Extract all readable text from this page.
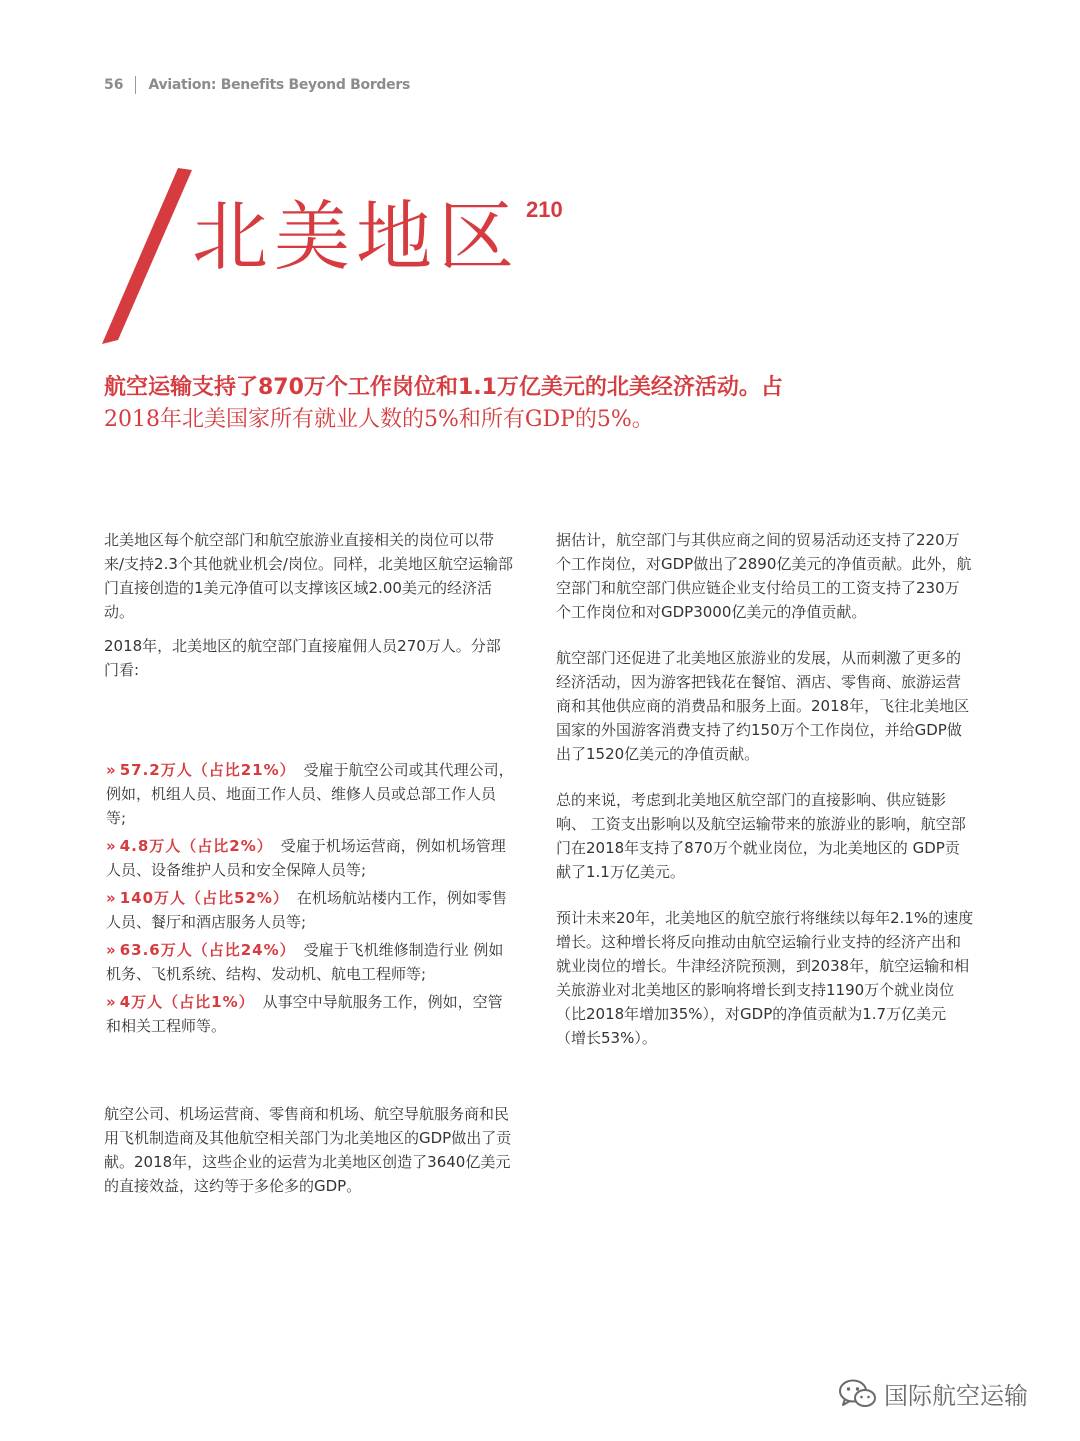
56 Aviation: Benefits Beyond Borders
北美地区 $^{210}$
航空运输支持了870万个工作岗位和1.1万亿美元的北美经济活动。占
2018年北美国家所有就业人数的5%和所有GDP的5%。

北美地区每个航空部门和航空旅游业直接相关的岗位可以带来/支持2.3个其他就业机会/岗位。同样，北美地区航空运输部门直接创造的1美元净值可以支撑该区域2.00美元的经济活动。

2018年，北美地区的航空部门直接雇佣人员270万人。分部门看:

» 57.2万人（占比21%） 受雇于航空公司或其代理公司，例如，机组人员、地面工作人员、维修人员或总部工作人员等;
» 4.8万人（占比2%） 受雇于机场运营商，例如机场管理人员、设备维护人员和安全保障人员等;
» 140万人（占比52%） 在机场航站楼内工作，例如零售人员、餐厅和酒店服务人员等;
» 63.6万人（占比24%） 受雇于飞机维修制造行业 例如机务、飞机系统、结构、发动机、航电工程师等;
» 4万人（占比1%） 从事空中导航服务工作，例如，空管和相关工程师等。

航空公司、机场运营商、零售商和机场、航空导航服务商和民用飞机制造商及其他航空相关部门为北美地区的GDP做出了贡献。2018年，这些企业的运营为北美地区创造了3640亿美元的直接效益，这约等于多伦多的GDP。

据估计，航空部门与其供应商之间的贸易活动还支持了220万个工作岗位，对GDP做出了2890亿美元的净值贡献。此外，航空部门和航空部门供应链企业支付给员工的工资支持了230万个工作岗位和对GDP3000亿美元的净值贡献。

航空部门还促进了北美地区旅游业的发展，从而刺激了更多的经济活动，因为游客把钱花在餐馆、酒店、零售商、旅游运营商和其他供应商的消费品和服务上面。2018年，飞往北美地区国家的外国游客消费支持了约150万个工作岗位，并给GDP做出了1520亿美元的净值贡献。

总的来说，考虑到北美地区航空部门的直接影响、供应链影响、 工资支出影响以及航空运输带来的旅游业的影响，航空部门在2018年支持了870万个就业岗位，为北美地区的 GDP贡献了1.1万亿美元。

预计未来20年，北美地区的航空旅行将继续以每年2.1%的速度增长。这种增长将反向推动由航空运输行业支持的经济产出和就业岗位的增长。牛津经济院预测，到2038年，航空运输和相关旅游业对北美地区的影响将增长到支持1190万个就业岗位（比2018年增加35%），对GDP的净值贡献为1.7万亿美元（增长53%）。

国际航空运输
